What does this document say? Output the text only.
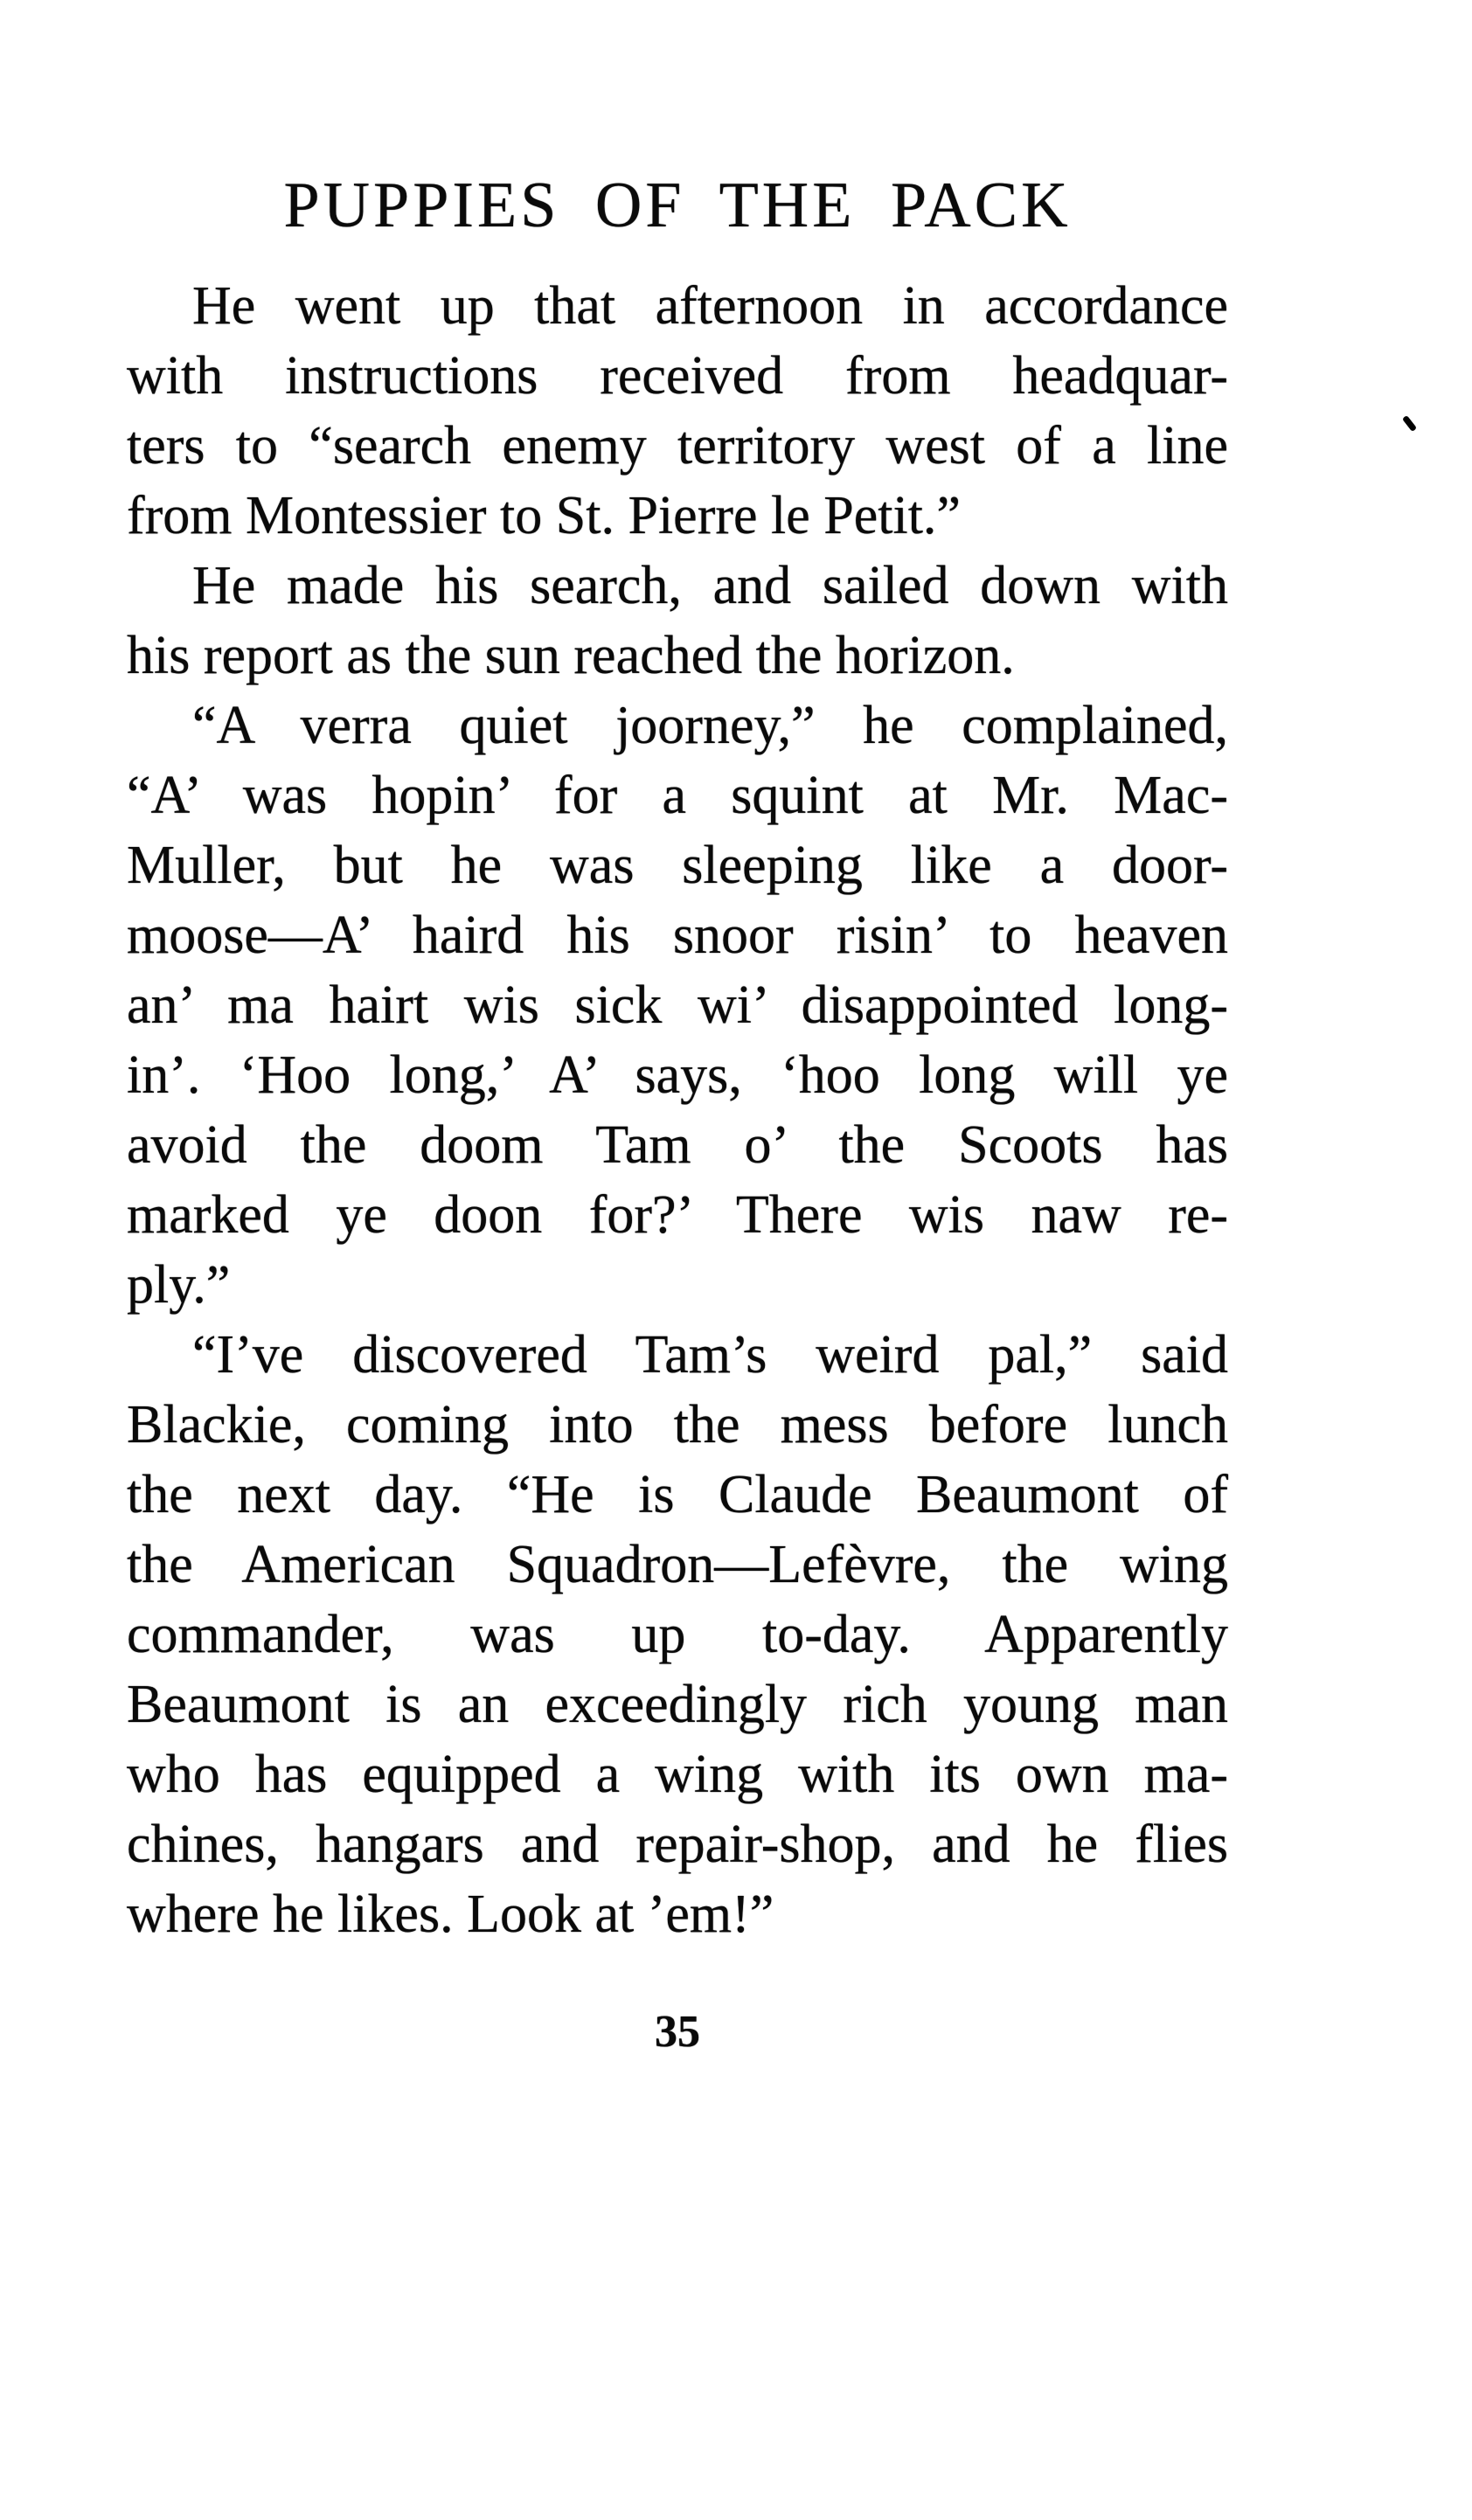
PUPPIES OF THE PACK
He went up that afternoon in accordance
with instructions received from headquar-
ters to “search enemy territory west of a line
from Montessier to St. Pierre le Petit.”
He made his search, and sailed down with
his report as the sun reached the horizon.
“A verra quiet joorney,” he complained,
“A’ was hopin’ for a squint at Mr. Mac-
Muller, but he was sleeping like a door-
moose—A’ haird his snoor risin’ to heaven
an’ ma hairt wis sick wi’ disappointed long-
in’. ‘Hoo long,’ A’ says, ‘hoo long will ye
avoid the doom Tam o’ the Scoots has
marked ye doon for?’ There wis naw re-
ply.”
“I’ve discovered Tam’s weird pal,” said
Blackie, coming into the mess before lunch
the next day. “He is Claude Beaumont of
the American Squadron—Lefèvre, the wing
commander, was up to-day. Apparently
Beaumont is an exceedingly rich young man
who has equipped a wing with its own ma-
chines, hangars and repair-shop, and he flies
where he likes. Look at ’em!”
35
